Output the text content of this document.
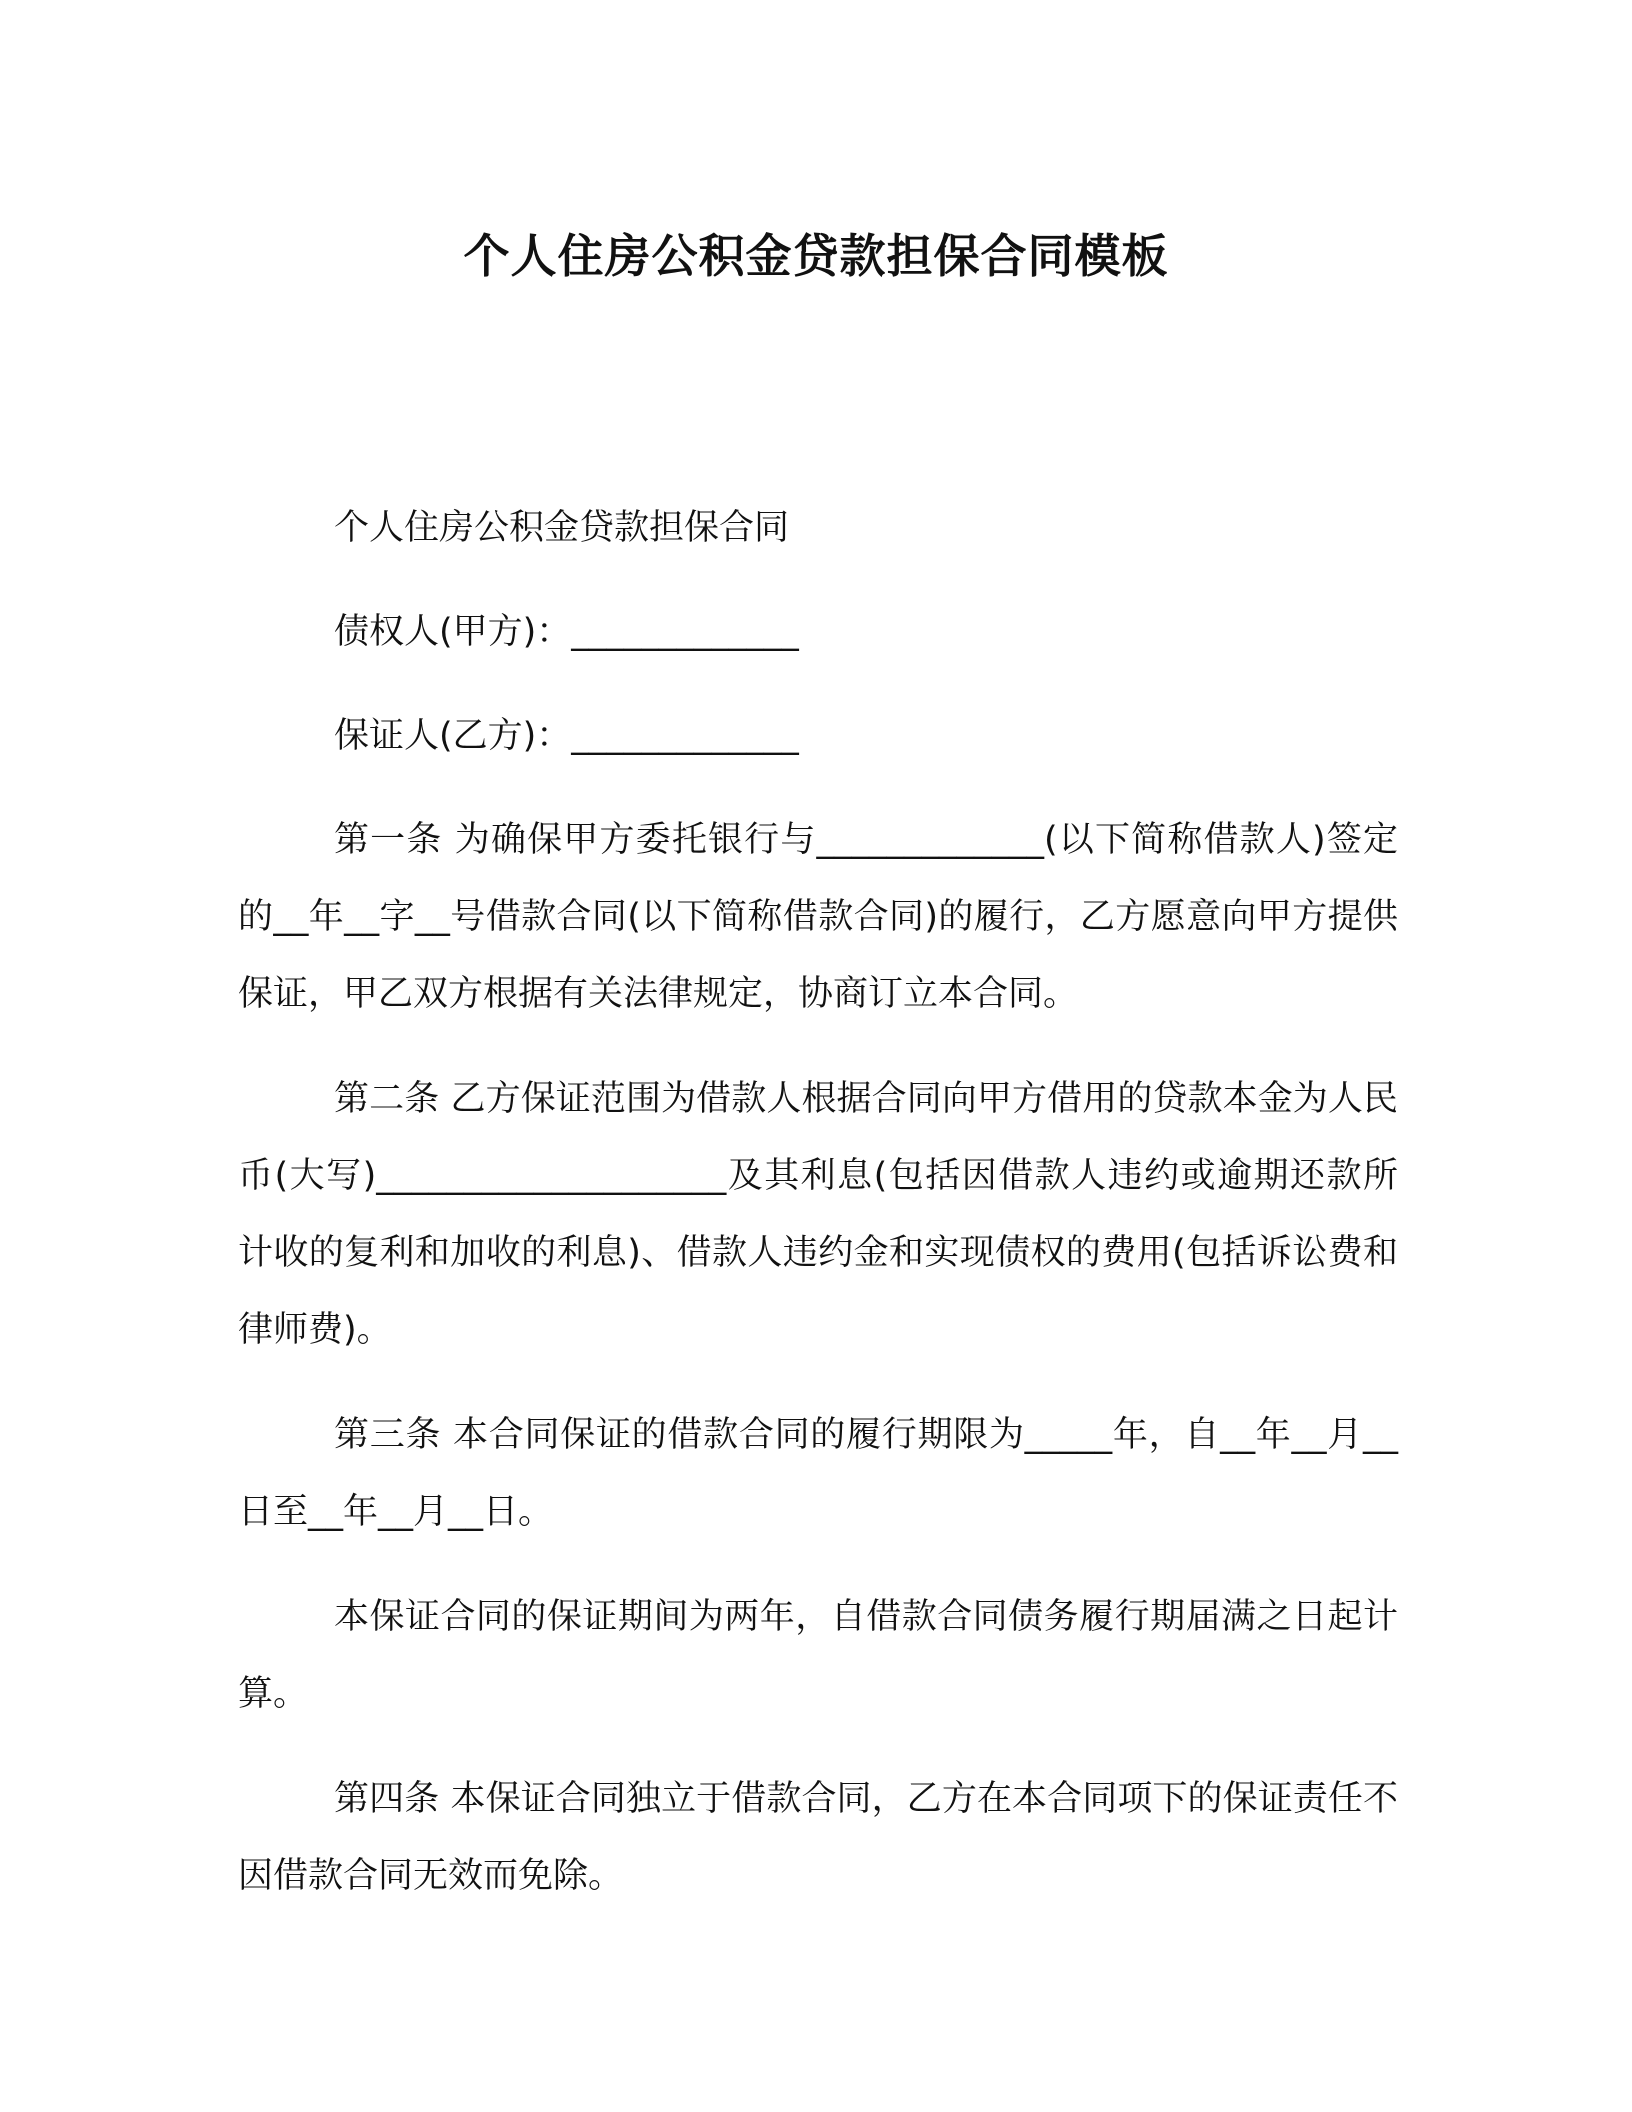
个人住房公积金贷款担保合同模板

个人住房公积金贷款担保合同

债权人(甲方)：_____________

保证人(乙方)：_____________

第一条 为确保甲方委托银行与_____________(以下简称借款人)签定的__年__字__号借款合同(以下简称借款合同)的履行，乙方愿意向甲方提供保证，甲乙双方根据有关法律规定，协商订立本合同。

第二条 乙方保证范围为借款人根据合同向甲方借用的贷款本金为人民币(大写)____________________及其利息(包括因借款人违约或逾期还款所计收的复利和加收的利息)、借款人违约金和实现债权的费用(包括诉讼费和律师费)。

第三条 本合同保证的借款合同的履行期限为_____年，自__年__月__日至__年__月__日。

本保证合同的保证期间为两年，自借款合同债务履行期届满之日起计算。

第四条 本保证合同独立于借款合同，乙方在本合同项下的保证责任不因借款合同无效而免除。
